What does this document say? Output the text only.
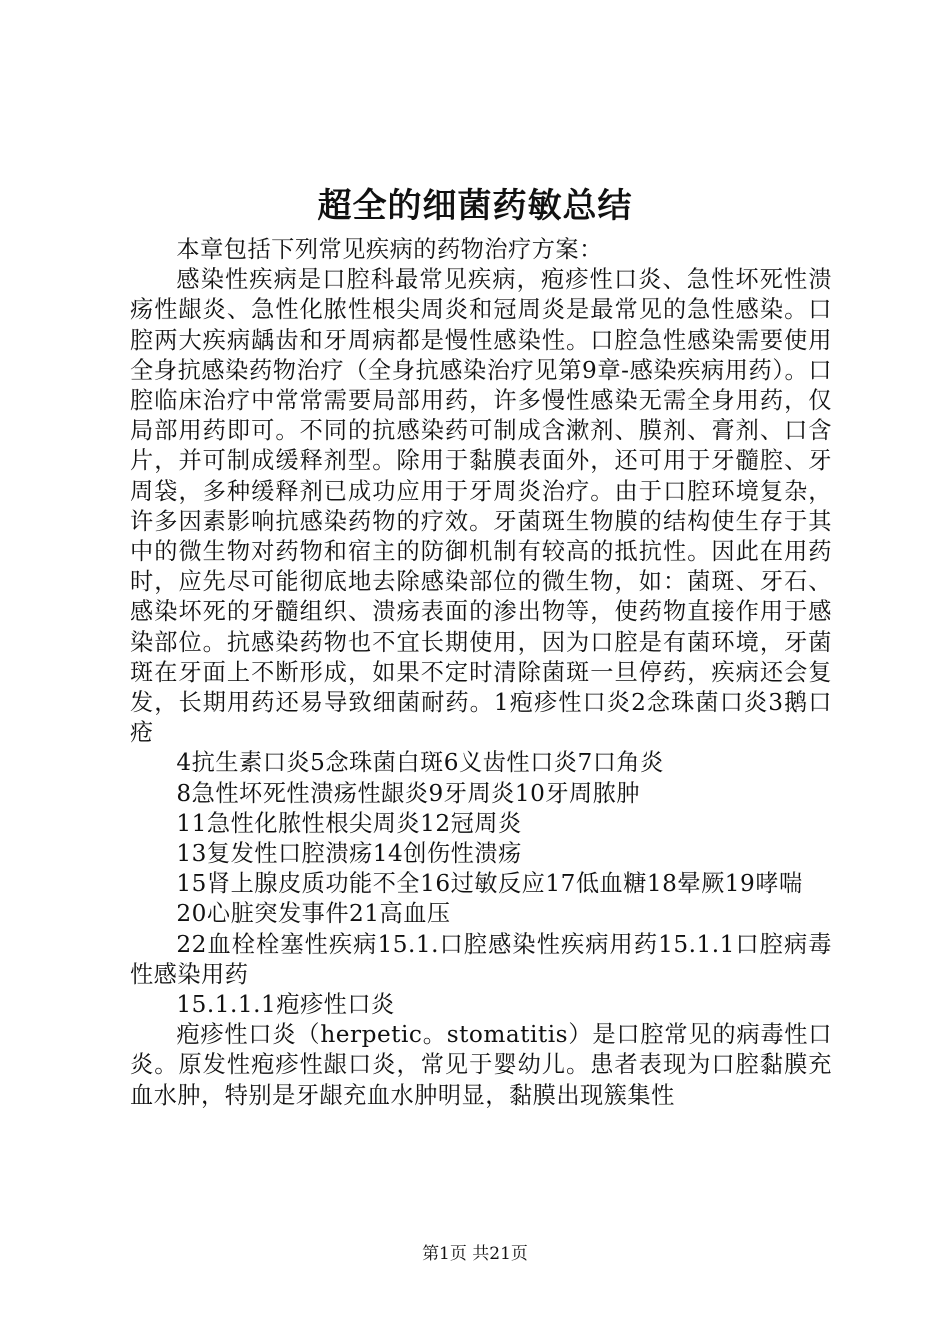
超全的细菌药敏总结

本章包括下列常见疾病的药物治疗方案：

感染性疾病是口腔科最常见疾病，疱疹性口炎、急性坏死性溃疡性龈炎、急性化脓性根尖周炎和冠周炎是最常见的急性感染。口腔两大疾病龋齿和牙周病都是慢性感染性。口腔急性感染需要使用全身抗感染药物治疗（全身抗感染治疗见第9章-感染疾病用药）。口腔临床治疗中常常需要局部用药，许多慢性感染无需全身用药，仅局部用药即可。不同的抗感染药可制成含漱剂、膜剂、膏剂、口含片，并可制成缓释剂型。除用于黏膜表面外，还可用于牙髓腔、牙周袋，多种缓释剂已成功应用于牙周炎治疗。由于口腔环境复杂，许多因素影响抗感染药物的疗效。牙菌斑生物膜的结构使生存于其中的微生物对药物和宿主的防御机制有较高的抵抗性。因此在用药时，应先尽可能彻底地去除感染部位的微生物，如：菌斑、牙石、感染坏死的牙髓组织、溃疡表面的渗出物等，使药物直接作用于感染部位。抗感染药物也不宜长期使用，因为口腔是有菌环境，牙菌斑在牙面上不断形成，如果不定时清除菌斑一旦停药，疾病还会复发，长期用药还易导致细菌耐药。1疱疹性口炎2念珠菌口炎3鹅口疮

4抗生素口炎5念珠菌白斑6义齿性口炎7口角炎

8急性坏死性溃疡性龈炎9牙周炎10牙周脓肿

11急性化脓性根尖周炎12冠周炎

13复发性口腔溃疡14创伤性溃疡

15肾上腺皮质功能不全16过敏反应17低血糖18晕厥19哮喘

20心脏突发事件21高血压

22血栓栓塞性疾病15.1.口腔感染性疾病用药15.1.1口腔病毒性感染用药

15.1.1.1疱疹性口炎

疱疹性口炎（herpetic。stomatitis）是口腔常见的病毒性口炎。原发性疱疹性龈口炎，常见于婴幼儿。患者表现为口腔黏膜充血水肿，特别是牙龈充血水肿明显，黏膜出现簇集性

第1页 共21页
